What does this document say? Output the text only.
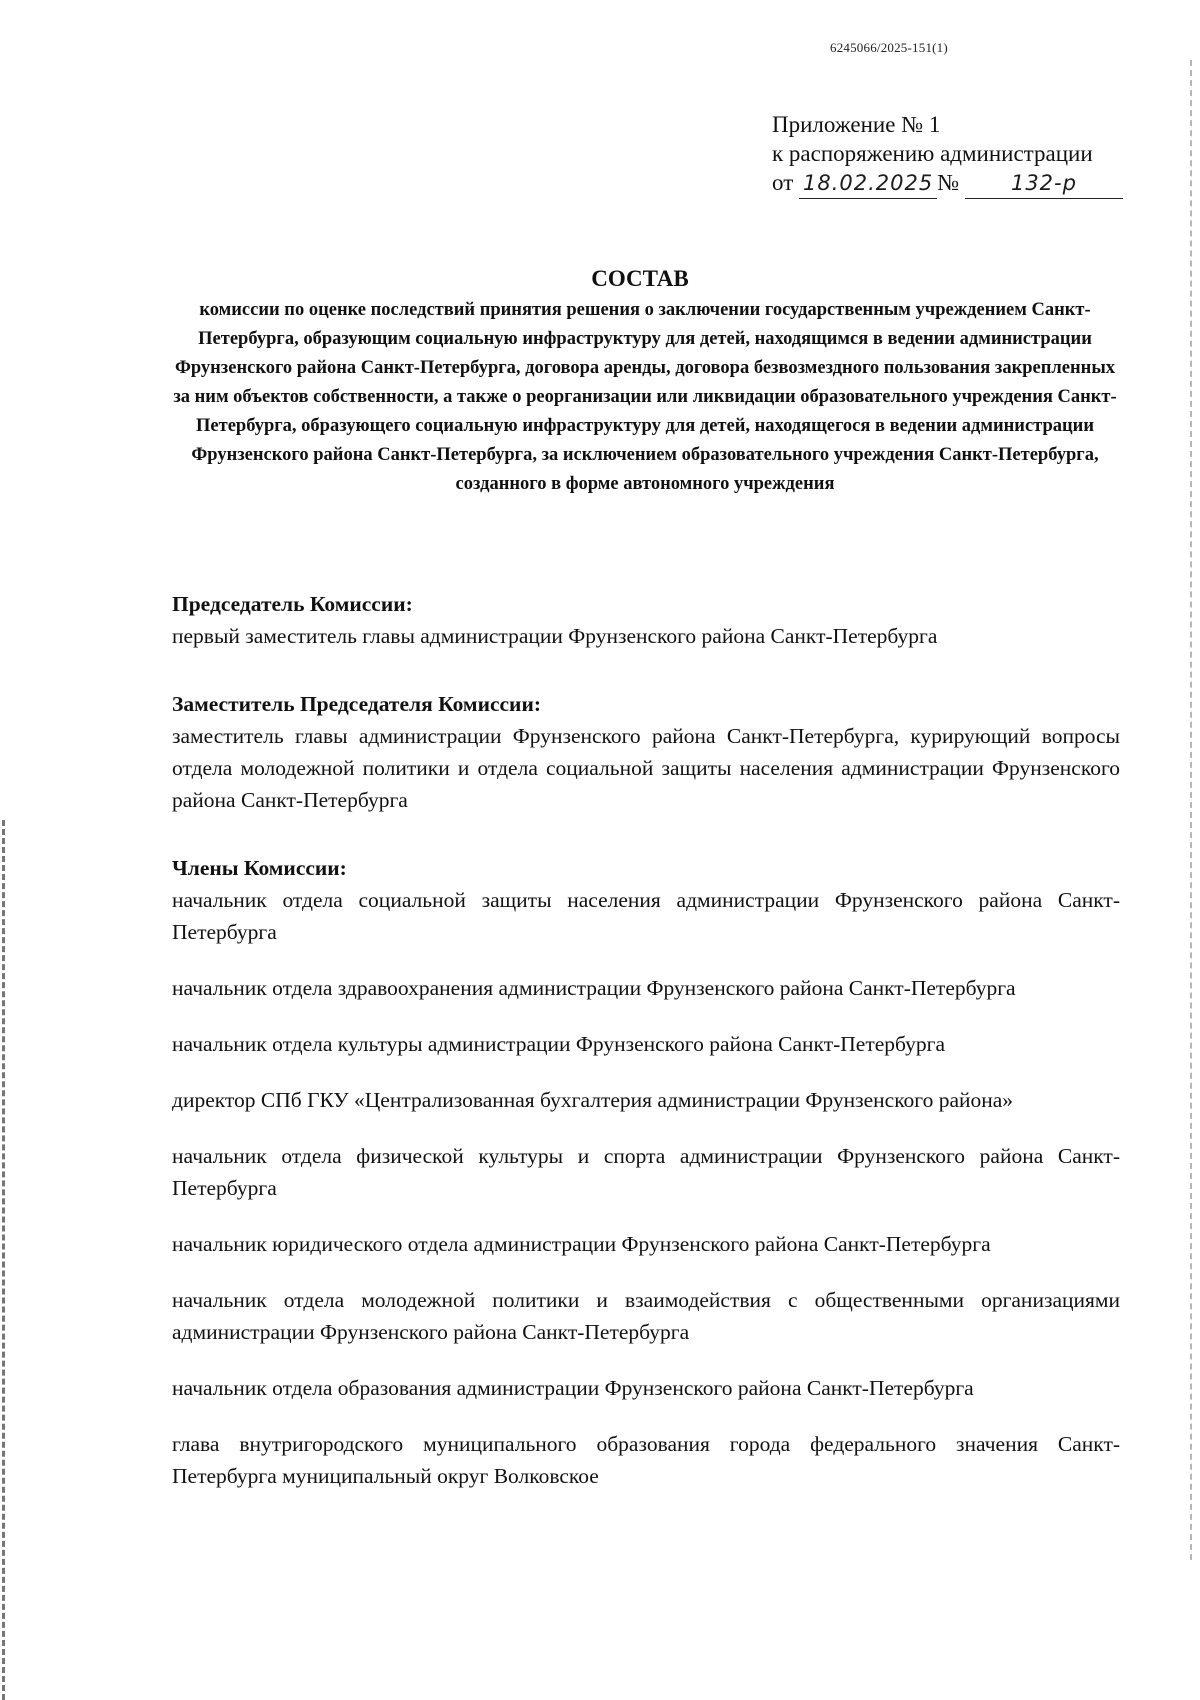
6245066/2025-151(1)
Приложение № 1
к распоряжению администрации
от 18.02.2025 № 132-р
СОСТАВ
комиссии по оценке последствий принятия решения о заключении государственным учреждением Санкт-Петербурга, образующим социальную инфраструктуру для детей, находящимся в ведении администрации Фрунзенского района Санкт-Петербурга, договора аренды, договора безвозмездного пользования закрепленных за ним объектов собственности, а также о реорганизации или ликвидации образовательного учреждения Санкт-Петербурга, образующего социальную инфраструктуру для детей, находящегося в ведении администрации Фрунзенского района Санкт-Петербурга, за исключением образовательного учреждения Санкт-Петербурга, созданного в форме автономного учреждения

Председатель Комиссии:

первый заместитель главы администрации Фрунзенского района Санкт-Петербурга

Заместитель Председателя Комиссии:

заместитель главы администрации Фрунзенского района Санкт-Петербурга, курирующий вопросы отдела молодежной политики и отдела социальной защиты населения администрации Фрунзенского района Санкт-Петербурга

Члены Комиссии:

начальник отдела социальной защиты населения администрации Фрунзенского района Санкт-Петербурга

начальник отдела здравоохранения администрации Фрунзенского района Санкт-Петербурга

начальник отдела культуры администрации Фрунзенского района Санкт-Петербурга

директор СПб ГКУ «Централизованная бухгалтерия администрации Фрунзенского района»

начальник отдела физической культуры и спорта администрации Фрунзенского района Санкт-Петербурга

начальник юридического отдела администрации Фрунзенского района Санкт-Петербурга

начальник отдела молодежной политики и взаимодействия с общественными организациями администрации Фрунзенского района Санкт-Петербурга

начальник отдела образования администрации Фрунзенского района Санкт-Петербурга

глава внутригородского муниципального образования города федерального значения Санкт-Петербурга муниципальный округ Волковское
